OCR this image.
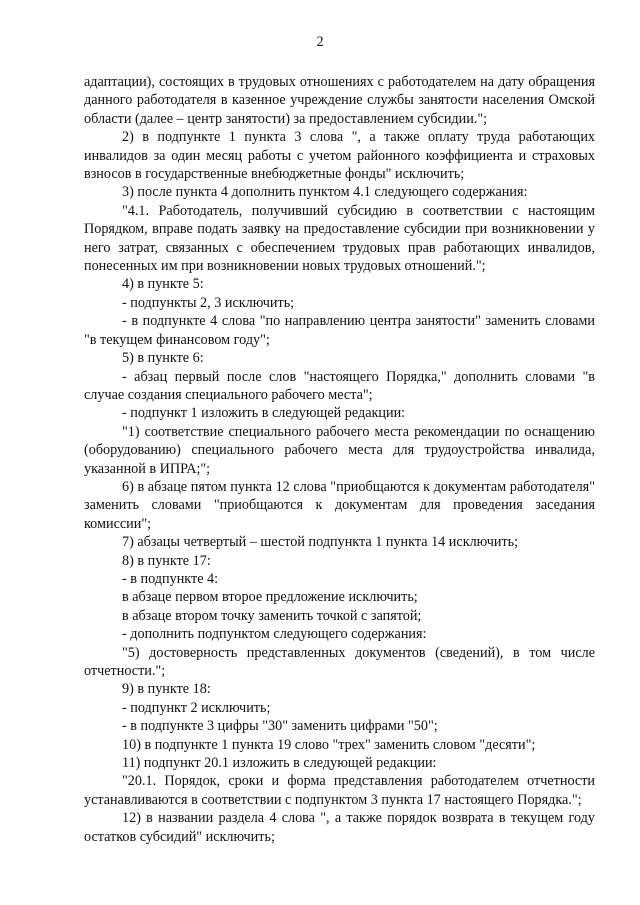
2

адаптации), состоящих в трудовых отношениях с работодателем на дату обращения данного работодателя в казенное учреждение службы занятости населения Омской области (далее – центр занятости) за предоставлением субсидии.";

2) в подпункте 1 пункта 3 слова ", а также оплату труда работающих инвалидов за один месяц работы с учетом районного коэффициента и страховых взносов в государственные внебюджетные фонды" исключить;

3) после пункта 4 дополнить пунктом 4.1 следующего содержания:

"4.1. Работодатель, получивший субсидию в соответствии с настоящим Порядком, вправе подать заявку на предоставление субсидии при возникновении у него затрат, связанных с обеспечением трудовых прав работающих инвалидов, понесенных им при возникновении новых трудовых отношений.";

4) в пункте 5:

- подпункты 2, 3 исключить;

- в подпункте 4 слова "по направлению центра занятости" заменить словами "в текущем финансовом году";

5) в пункте 6:

- абзац первый после слов "настоящего Порядка," дополнить словами "в случае создания специального рабочего места";

- подпункт 1 изложить в следующей редакции:

"1) соответствие специального рабочего места рекомендации по оснащению (оборудованию) специального рабочего места для трудоустройства инвалида, указанной в ИПРА;";

6) в абзаце пятом пункта 12 слова "приобщаются к документам работодателя" заменить словами "приобщаются к документам для проведения заседания комиссии";

7) абзацы четвертый – шестой подпункта 1 пункта 14 исключить;

8) в пункте 17:

- в подпункте 4:

в абзаце первом второе предложение исключить;

в абзаце втором точку заменить точкой с запятой;

- дополнить подпунктом следующего содержания:

"5) достоверность представленных документов (сведений), в том числе отчетности.";

9) в пункте 18:

- подпункт 2 исключить;

- в подпункте 3 цифры "30" заменить цифрами "50";

10) в подпункте 1 пункта 19 слово "трех" заменить словом "десяти";

11) подпункт 20.1 изложить в следующей редакции:

"20.1. Порядок, сроки и форма представления работодателем отчетности устанавливаются в соответствии с подпунктом 3 пункта 17 настоящего Порядка.";

12) в названии раздела 4 слова ", а также порядок возврата в текущем году остатков субсидий" исключить;
